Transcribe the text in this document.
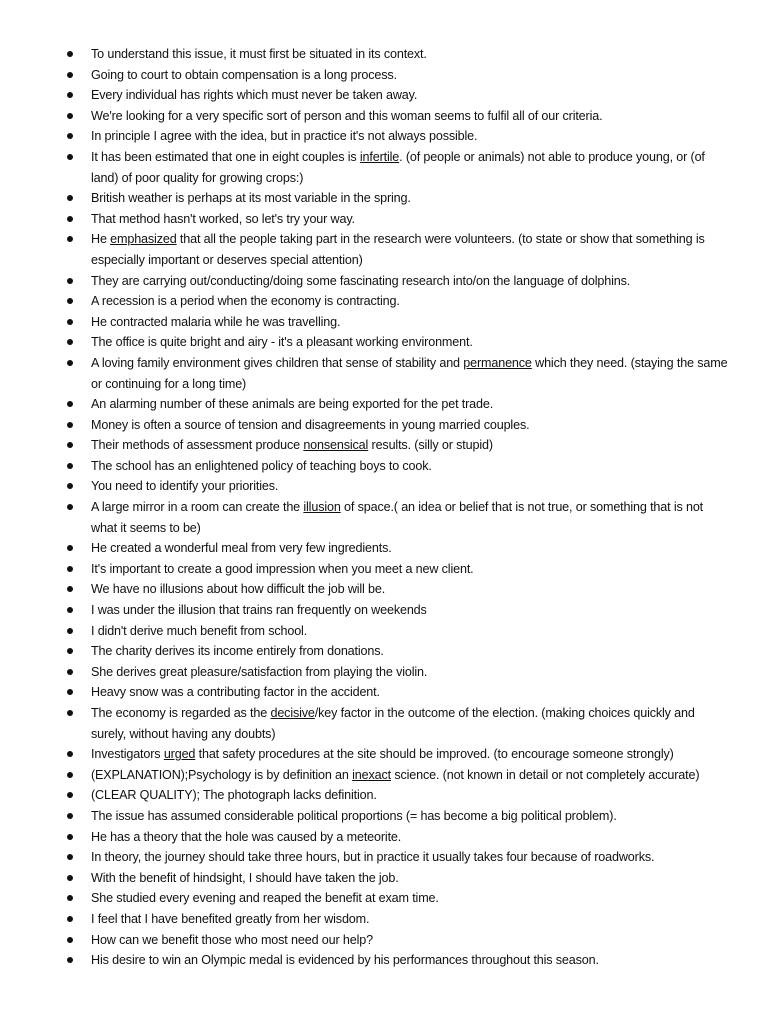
To understand this issue, it must first be situated in its context.
Going to court to obtain compensation is a long process.
Every individual has rights which must never be taken away.
We're looking for a very specific sort of person and this woman seems to fulfil all of our criteria.
In principle I agree with the idea, but in practice it's not always possible.
It has been estimated that one in eight couples is infertile. (of people or animals) not able to produce young, or (of land) of poor quality for growing crops:)
British weather is perhaps at its most variable in the spring.
That method hasn't worked, so let's try your way.
He emphasized that all the people taking part in the research were volunteers. (to state or show that something is especially important or deserves special attention)
They are carrying out/conducting/doing some fascinating research into/on the language of dolphins.
A recession is a period when the economy is contracting.
He contracted malaria while he was travelling.
The office is quite bright and airy - it's a pleasant working environment.
A loving family environment gives children that sense of stability and permanence which they need. (staying the same or continuing for a long time)
An alarming number of these animals are being exported for the pet trade.
Money is often a source of tension and disagreements in young married couples.
Their methods of assessment produce nonsensical results. (silly or stupid)
The school has an enlightened policy of teaching boys to cook.
You need to identify your priorities.
A large mirror in a room can create the illusion of space.( an idea or belief that is not true, or something that is not what it seems to be)
He created a wonderful meal from very few ingredients.
It's important to create a good impression when you meet a new client.
We have no illusions about how difficult the job will be.
I was under the illusion that trains ran frequently on weekends
I didn't derive much benefit from school.
The charity derives its income entirely from donations.
She derives great pleasure/satisfaction from playing the violin.
Heavy snow was a contributing factor in the accident.
The economy is regarded as the decisive/key factor in the outcome of the election. (making choices quickly and surely, without having any doubts)
Investigators urged that safety procedures at the site should be improved. (to encourage someone strongly)
(EXPLANATION);Psychology is by definition an inexact science. (not known in detail or not completely accurate)
(CLEAR QUALITY); The photograph lacks definition.
The issue has assumed considerable political proportions (= has become a big political problem).
He has a theory that the hole was caused by a meteorite.
In theory, the journey should take three hours, but in practice it usually takes four because of roadworks.
With the benefit of hindsight, I should have taken the job.
She studied every evening and reaped the benefit at exam time.
I feel that I have benefited greatly from her wisdom.
How can we benefit those who most need our help?
His desire to win an Olympic medal is evidenced by his performances throughout this season.
